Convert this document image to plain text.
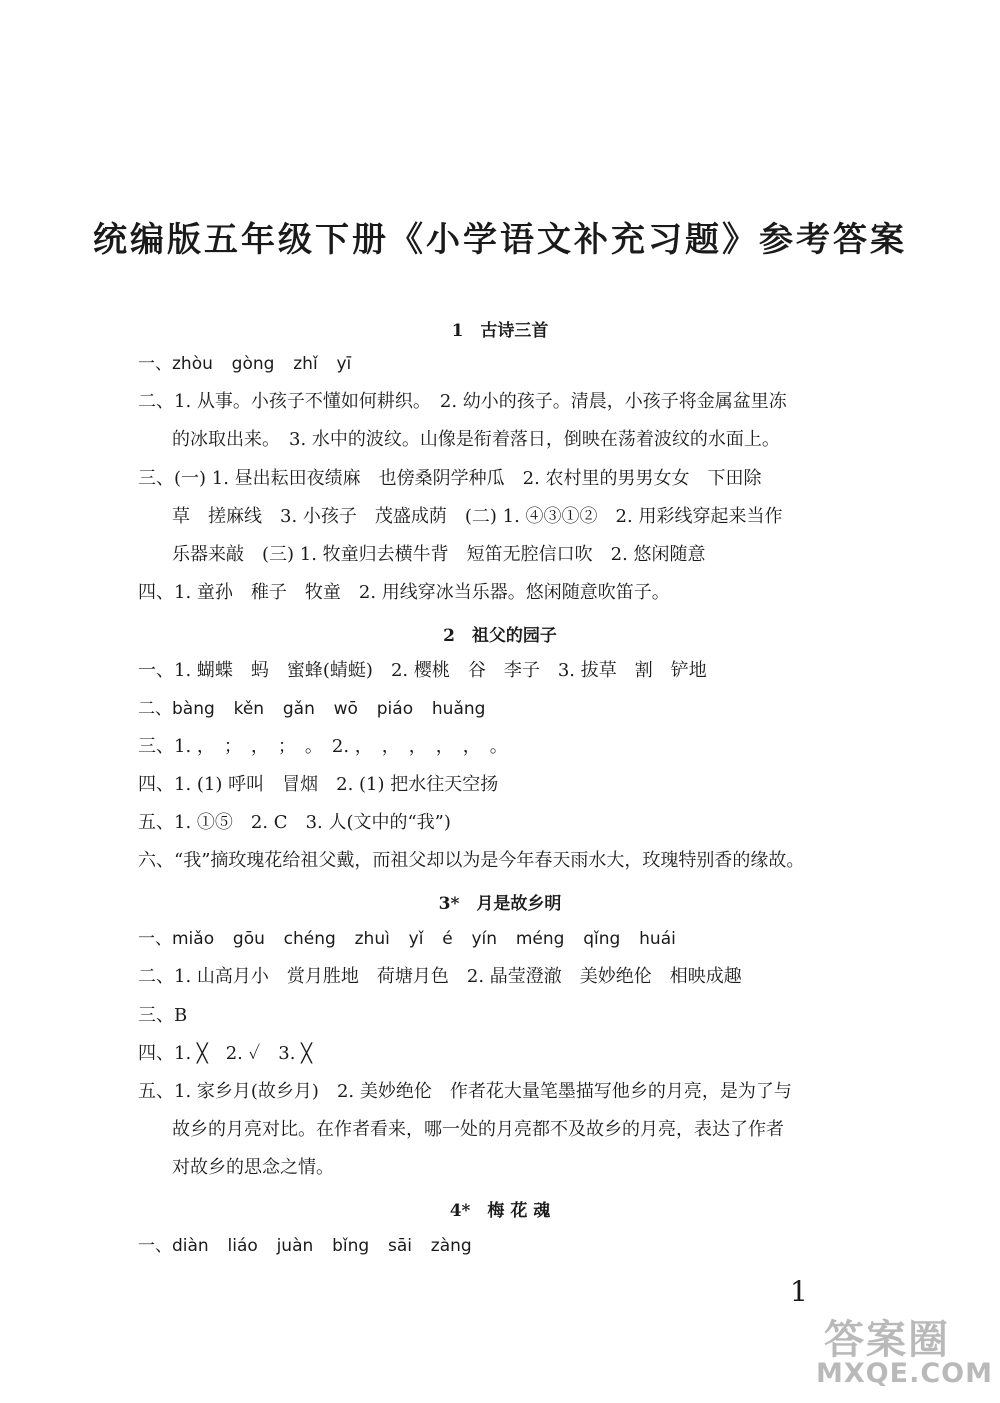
统编版五年级下册《小学语文补充习题》参考答案
1　古诗三首
一、zhòu  gòng  zhǐ  yī
二、1. 从事。小孩子不懂如何耕织。　2. 幼小的孩子。清晨，小孩子将金属盆里冻
的冰取出来。　3. 水中的波纹。山像是衔着落日，倒映在荡着波纹的水面上。
三、(一) 1. 昼出耘田夜绩麻　也傍桑阴学种瓜　2. 农村里的男男女女　下田除
草　搓麻线　3. 小孩子　茂盛成荫　(二) 1. ④③①②　2. 用彩线穿起来当作
乐器来敲　(三) 1. 牧童归去横牛背　短笛无腔信口吹　2. 悠闲随意
四、1. 童孙　稚子　牧童　2. 用线穿冰当乐器。悠闲随意吹笛子。
2　祖父的园子
一、1. 蝴蝶　蚂　蜜蜂(蜻蜓)　2. 樱桃　谷　李子　3. 拔草　割　铲地
二、bàng  kěn  gǎn  wō  piáo  huǎng
三、1. ，　；　，　；　。　2. ，　，　，　，　，　。
四、1. (1) 呼叫　冒烟　2. (1) 把水往天空扬
五、1. ①⑤　2. C　3. 人(文中的“我”)
六、“我”摘玫瑰花给祖父戴，而祖父却以为是今年春天雨水大，玫瑰特别香的缘故。
3*　月是故乡明
一、miǎo  gōu  chéng  zhuì  yǐ  é  yín  méng  qǐng  huái
二、1. 山高月小　赏月胜地　荷塘月色　2. 晶莹澄澈　美妙绝伦　相映成趣
三、B
四、1. ╳　2. ✓　3. ╳
五、1. 家乡月(故乡月)　2. 美妙绝伦　作者花大量笔墨描写他乡的月亮，是为了与
故乡的月亮对比。在作者看来，哪一处的月亮都不及故乡的月亮，表达了作者
对故乡的思念之情。
4*　梅 花 魂
一、diàn  liáo  juàn  bǐng  sāi  zàng
1
答案圈
MXQE.COM
